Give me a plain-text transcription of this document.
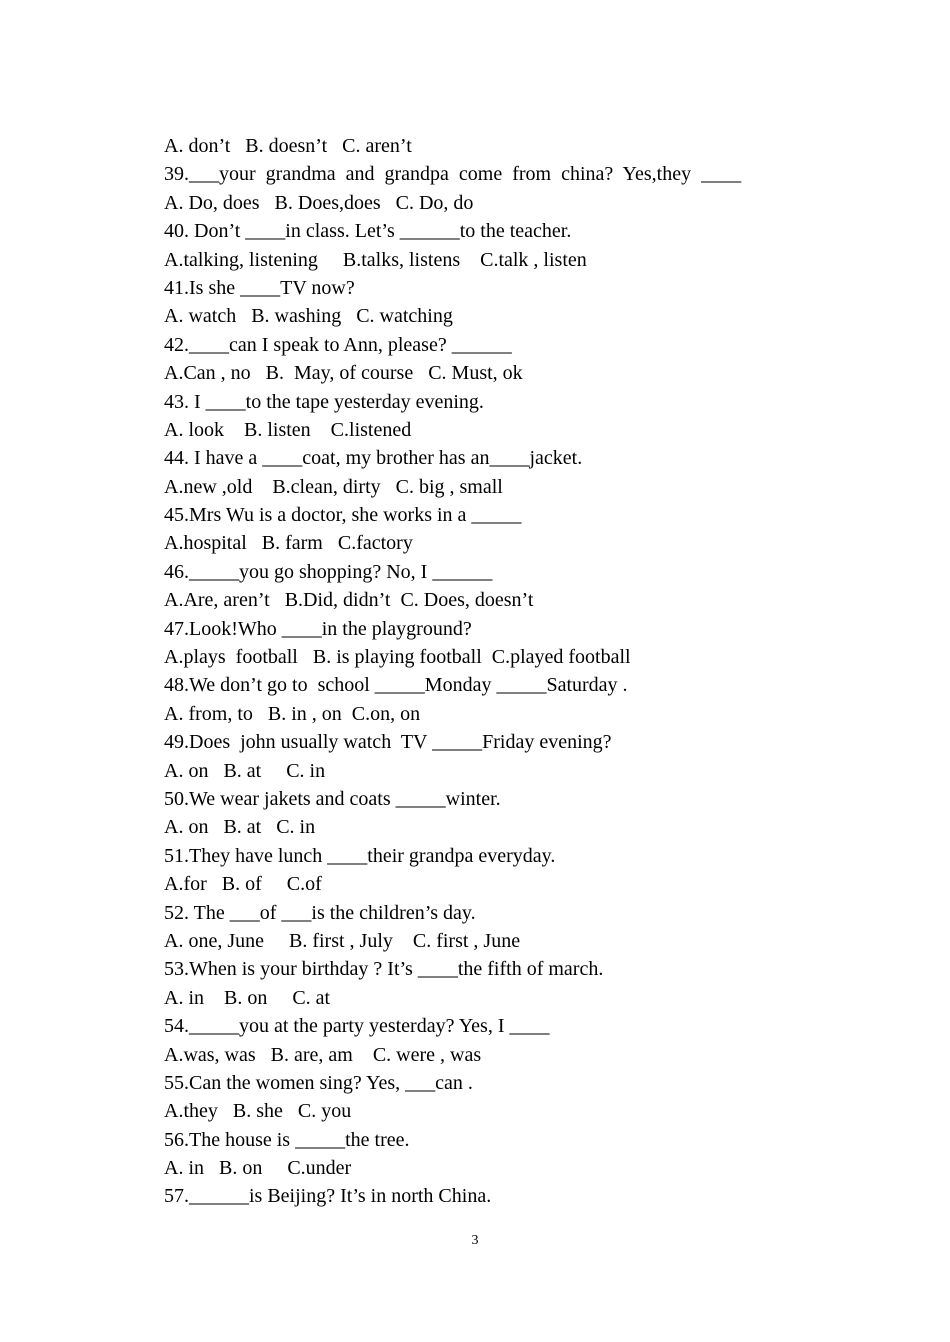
A. don’t   B. doesn’t   C. aren’t
39.___your  grandma  and  grandpa  come  from  china?  Yes,they  ____
A. Do, does   B. Does,does   C. Do, do
40. Don’t ____in class. Let’s ______to the teacher.
A.talking, listening     B.talks, listens    C.talk , listen
41.Is she ____TV now?
A. watch   B. washing   C. watching
42.____can I speak to Ann, please? ______
A.Can , no   B.  May, of course   C. Must, ok
43. I ____to the tape yesterday evening.
A. look    B. listen    C.listened
44. I have a ____coat, my brother has an____jacket.
A.new ,old    B.clean, dirty   C. big , small
45.Mrs Wu is a doctor, she works in a _____
A.hospital   B. farm   C.factory
46._____you go shopping? No, I ______
A.Are, aren’t   B.Did, didn’t  C. Does, doesn’t
47.Look!Who ____in the playground?
A.plays  football   B. is playing football  C.played football
48.We don’t go to  school _____Monday _____Saturday .
A. from, to   B. in , on  C.on, on
49.Does  john usually watch  TV _____Friday evening?
A. on   B. at     C. in
50.We wear jakets and coats _____winter.
A. on   B. at   C. in
51.They have lunch ____their grandpa everyday.
A.for   B. of     C.of
52. The ___of ___is the children’s day.
A. one, June     B. first , July    C. first , June
53.When is your birthday ? It’s ____the fifth of march.
A. in    B. on     C. at
54._____you at the party yesterday? Yes, I ____
A.was, was   B. are, am    C. were , was
55.Can the women sing? Yes, ___can .
A.they   B. she   C. you
56.The house is _____the tree.
A. in   B. on     C.under
57.______is Beijing? It’s in north China.
3
